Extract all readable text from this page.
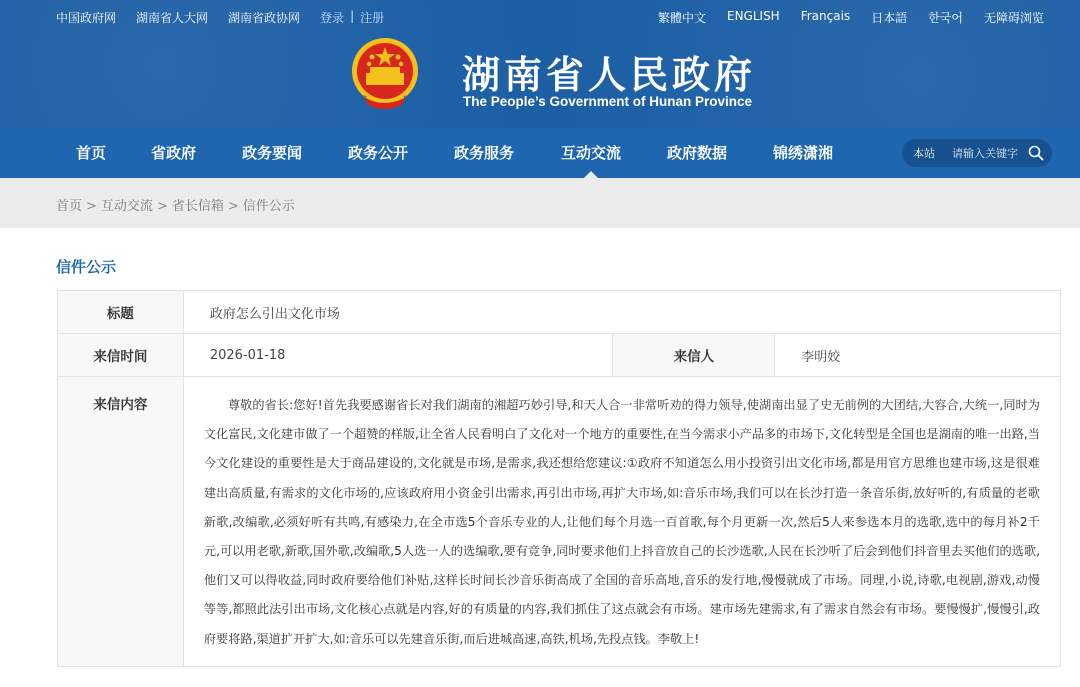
中国政府网 湖南省人大网 湖南省政协网 登录 | 注册	繁體中文 ENGLISH Français 日本語 한국어 无障碍浏览
湖南省人民政府
The People’s Government of Hunan Province
首页	省政府	政务要闻	政务公开	政务服务	互动交流	政府数据	锦绣潇湘	本站
请输入关键字
首页 > 互动交流 > 省长信箱 > 信件公示
信件公示
标题	政府怎么引出文化市场		
来信时间	2026-01-18	来信人	李明姣
来信内容	尊敬的省长:您好!首先我要感谢省长对我们湖南的湘超巧妙引导,和天人合一非常听劝的得力领导,使湖南出显了史无前例的大团结,大容合,大统一,同时为文化富民,文化建市做了一个超赞的样版,让全省人民看明白了文化对一个地方的重要性,在当今需求小产品多的市场下,文化转型是全国也是湖南的唯一出路,当今文化建设的重要性是大于商品建设的,文化就是市场,是需求,我还想给您建议:①政府不知道怎么用小投资引出文化市场,都是用官方思维也建市场,这是很难建出高质量,有需求的文化市场的,应该政府用小资金引出需求,再引出市场,再扩大市场,如:音乐市场,我们可以在长沙打造一条音乐街,放好听的,有质量的老歌新歌,改编歌,必须好听有共鸣,有感染力,在全市选5个音乐专业的人,让他们每个月选一百首歌,每个月更新一次,然后5人来参选本月的选歌,选中的每月补2千元,可以用老歌,新歌,国外歌,改编歌,5人选一人的选编歌,要有竞争,同时要求他们上抖音放自己的长沙选歌,人民在长沙听了后会到他们抖音里去买他们的选歌,他们又可以得收益,同时政府要给他们补贴,这样长时间长沙音乐街高成了全国的音乐高地,音乐的发行地,慢慢就成了市场。同理,小说,诗歌,电视剧,游戏,动慢等等,都照此法引出市场,文化核心点就是内容,好的有质量的内容,我们抓住了这点就会有市场。建市场先建需求,有了需求自然会有市场。要慢慢扩,慢慢引,政府要将路,渠道扩开扩大,如:音乐可以先建音乐街,而后进城高速,高铁,机场,先投点钱。李敬上!		
